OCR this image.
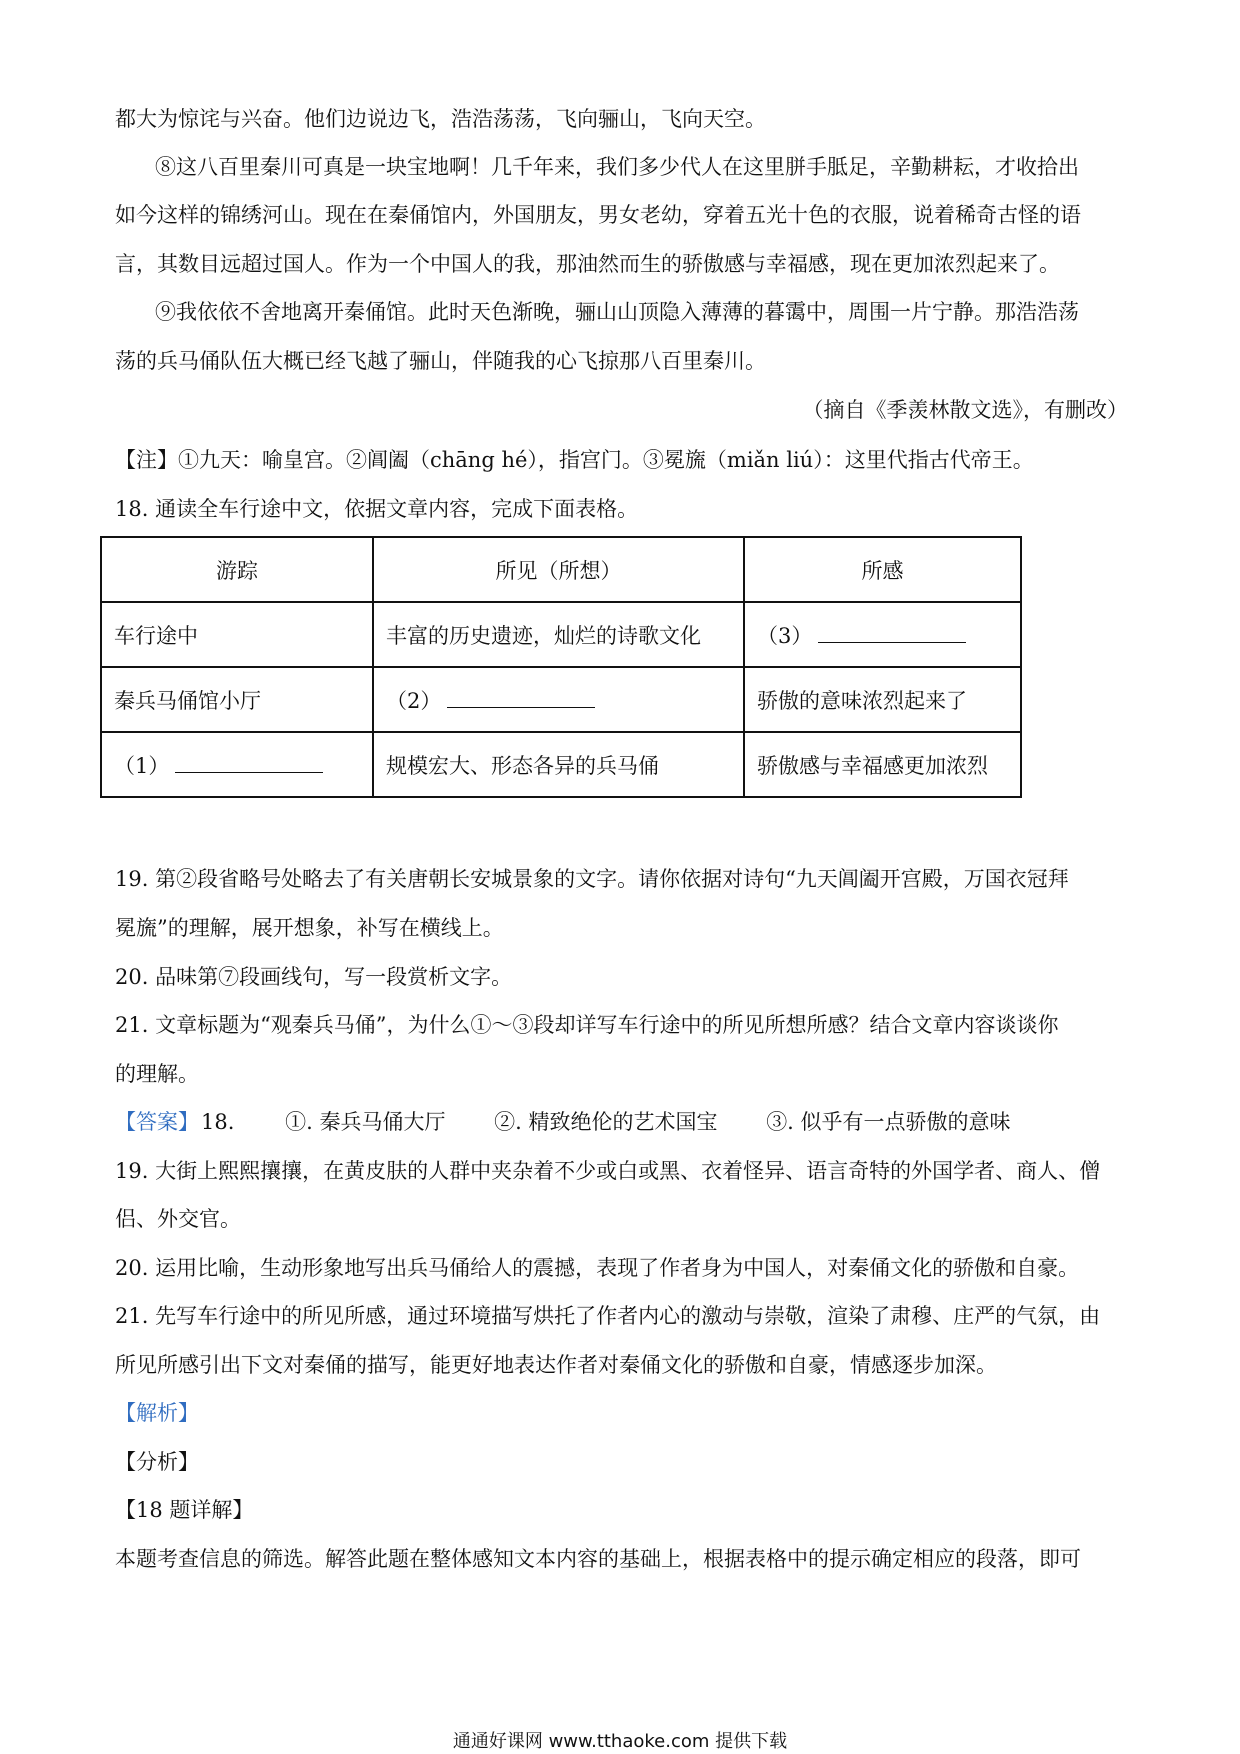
都大为惊诧与兴奋。他们边说边飞，浩浩荡荡，飞向骊山，飞向天空。
⑧这八百里秦川可真是一块宝地啊！几千年来，我们多少代人在这里胼手胝足，辛勤耕耘，才收拾出
如今这样的锦绣河山。现在在秦俑馆内，外国朋友，男女老幼，穿着五光十色的衣服，说着稀奇古怪的语
言，其数目远超过国人。作为一个中国人的我，那油然而生的骄傲感与幸福感，现在更加浓烈起来了。
⑨我依依不舍地离开秦俑馆。此时天色渐晚，骊山山顶隐入薄薄的暮霭中，周围一片宁静。那浩浩荡
荡的兵马俑队伍大概已经飞越了骊山，伴随我的心飞掠那八百里秦川。
（摘自《季羡林散文选》，有删改）
【注】①九天：喻皇宫。②阊阖（chāng hé），指宫门。③冕旒（miǎn liú）：这里代指古代帝王。
18. 通读全车行途中文，依据文章内容，完成下面表格。
游踪	所见（所想）	所感
车行途中	丰富的历史遗迹，灿烂的诗歌文化	（3）
秦兵马俑馆小厅	（2）	骄傲的意味浓烈起来了
（1）	规模宏大、形态各异的兵马俑	骄傲感与幸福感更加浓烈
19. 第②段省略号处略去了有关唐朝长安城景象的文字。请你依据对诗句“九天阊阖开宫殿，万国衣冠拜
冕旒”的理解，展开想象，补写在横线上。
20. 品味第⑦段画线句，写一段赏析文字。
21. 文章标题为“观秦兵马俑”，为什么①～③段却详写车行途中的所见所想所感？结合文章内容谈谈你
的理解。
【答案】18. ①. 秦兵马俑大厅 ②. 精致绝伦的艺术国宝 ③. 似乎有一点骄傲的意味
19. 大街上熙熙攘攘，在黄皮肤的人群中夹杂着不少或白或黑、衣着怪异、语言奇特的外国学者、商人、僧
侣、外交官。
20. 运用比喻，生动形象地写出兵马俑给人的震撼，表现了作者身为中国人，对秦俑文化的骄傲和自豪。
21. 先写车行途中的所见所感，通过环境描写烘托了作者内心的激动与崇敬，渲染了肃穆、庄严的气氛，由
所见所感引出下文对秦俑的描写，能更好地表达作者对秦俑文化的骄傲和自豪，情感逐步加深。
【解析】
【分析】
【18 题详解】
本题考查信息的筛选。解答此题在整体感知文本内容的基础上，根据表格中的提示确定相应的段落，即可
通通好课网 www.tthaoke.com 提供下载
